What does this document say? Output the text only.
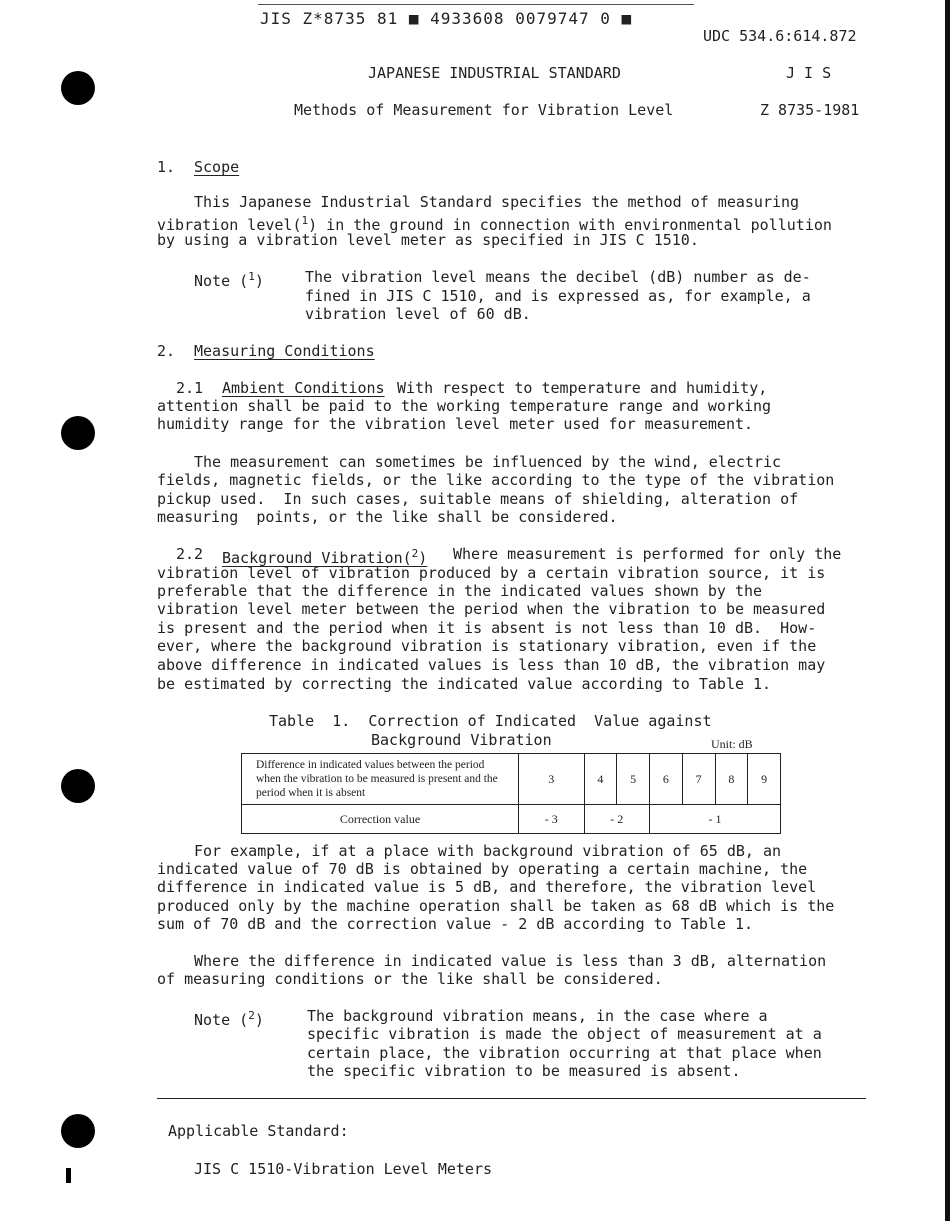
JIS Z*8735 81 ■ 4933608 0079747 0 ■
UDC 534.6:614.872
JAPANESE INDUSTRIAL STANDARD	J I S
Methods of Measurement for Vibration Level	Z 8735-1981
1. Scope
This Japanese Industrial Standard specifies the method of measuring
vibration level($^1$) in the ground in connection with environmental pollution
by using a vibration level meter as specified in JIS C 1510.
Note ($^1$)	The vibration level means the decibel (dB) number as de-
fined in JIS C 1510, and is expressed as, for example, a
vibration level of 60 dB.
2. Measuring Conditions
2.1 Ambient Conditions With respect to temperature and humidity,
attention shall be paid to the working temperature range and working
humidity range for the vibration level meter used for measurement.
The measurement can sometimes be influenced by the wind, electric
fields, magnetic fields, or the like according to the type of the vibration
pickup used.  In such cases, suitable means of shielding, alteration of
measuring  points, or the like shall be considered.
2.2 Background Vibration($^2$) Where measurement is performed for only the
vibration level of vibration produced by a certain vibration source, it is
preferable that the difference in the indicated values shown by the
vibration level meter between the period when the vibration to be measured
is present and the period when it is absent is not less than 10 dB.  How-
ever, where the background vibration is stationary vibration, even if the
above difference in indicated values is less than 10 dB, the vibration may
be estimated by correcting the indicated value according to Table 1.
Table  1.  Correction of Indicated  Value against
Background Vibration	Unit: dB
Difference in indicated values between the period when the vibration to be measured is present and the period when it is absent	3	4	5	6	7	8	9
Correction value	- 3	- 2		- 1			
For example, if at a place with background vibration of 65 dB, an
indicated value of 70 dB is obtained by operating a certain machine, the
difference in indicated value is 5 dB, and therefore, the vibration level
produced only by the machine operation shall be taken as 68 dB which is the
sum of 70 dB and the correction value - 2 dB according to Table 1.
Where the difference in indicated value is less than 3 dB, alternation
of measuring conditions or the like shall be considered.
Note ($^2$)	The background vibration means, in the case where a
specific vibration is made the object of measurement at a
certain place, the vibration occurring at that place when
the specific vibration to be measured is absent.
Applicable Standard:
JIS C 1510-Vibration Level Meters
